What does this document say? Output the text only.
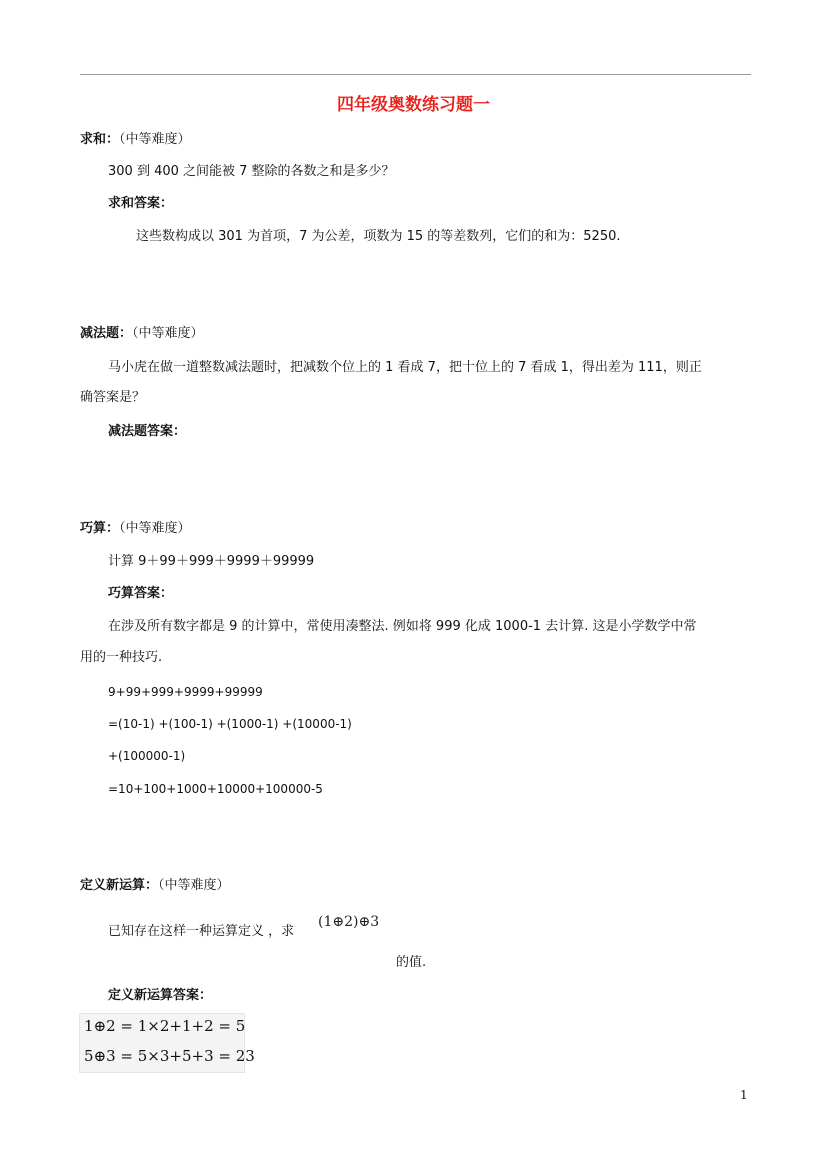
四年级奥数练习题一
求和：（中等难度）
300 到 400 之间能被 7 整除的各数之和是多少？
求和答案：
这些数构成以 301 为首项，7 为公差，项数为 15 的等差数列，它们的和为：5250.
减法题：（中等难度）
马小虎在做一道整数减法题时，把减数个位上的 1 看成 7，把十位上的 7 看成 1，得出差为 111，则正
确答案是？
减法题答案：
巧算：（中等难度）
计算 9＋99＋999＋9999＋99999
巧算答案：
在涉及所有数字都是 9 的计算中，常使用凑整法. 例如将 999 化成 1000-1 去计算. 这是小学数学中常
用的一种技巧.
9+99+999+9999+99999
=(10-1) +(100-1) +(1000-1) +(10000-1)
+(100000-1)
=10+100+1000+10000+100000-5
定义新运算：（中等难度）
已知存在这样一种运算定义 ，求
(1⊕2)⊕3
的值.
定义新运算答案：
1⊕2 = 1×2+1+2 = 5
5⊕3 = 5×3+5+3 = 23
1
